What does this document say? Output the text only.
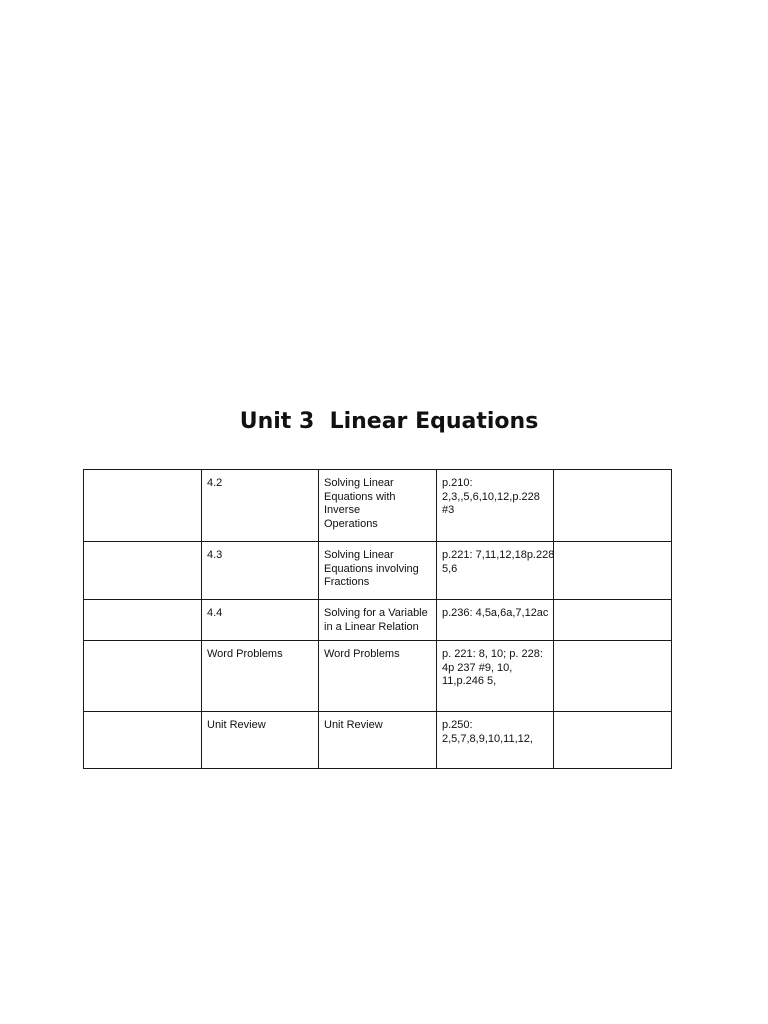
Unit 3  Linear Equations

	4.2	Solving Linear
Equations with Inverse
Operations	p.210:
2,3,,5,6,10,12,p.228
#3	

	4.3	Solving Linear
Equations involving
Fractions	p.221: 7,11,12,18p.228
5,6	

	4.4	Solving for a Variable
in a Linear Relation	p.236: 4,5a,6a,7,12ac	

	Word Problems	Word Problems	p. 221: 8, 10; p. 228:
4p 237 #9, 10,
11,p.246 5,	

	Unit Review	Unit Review	p.250:
2,5,7,8,9,10,11,12,	
